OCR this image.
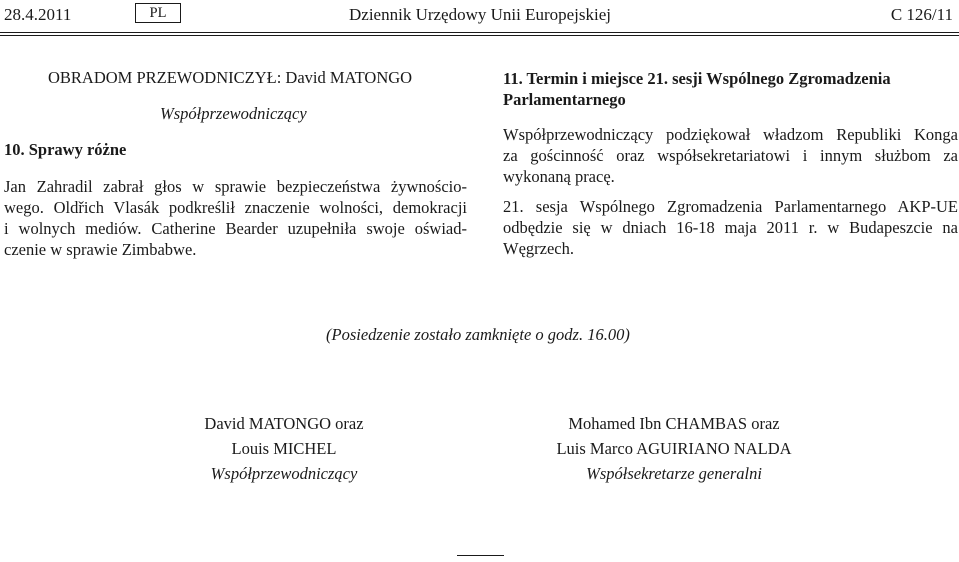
28.4.2011	PL	Dziennik Urzędowy Unii Europejskiej	C 126/11
OBRADOM PRZEWODNICZYŁ: David MATONGO
Współprzewodniczący
10. Sprawy różne
Jan Zahradil zabrał głos w sprawie bezpieczeństwa żywnościo-
wego. Oldřich Vlasák podkreślił znaczenie wolności, demokracji
i wolnych mediów. Catherine Bearder uzupełniła swoje oświad-
czenie w sprawie Zimbabwe.
11. Termin i miejsce 21. sesji Wspólnego Zgromadzenia
Parlamentarnego
Współprzewodniczący podziękował władzom Republiki Konga
za gościnność oraz współsekretariatowi i innym służbom za
wykonaną pracę.
21. sesja Wspólnego Zgromadzenia Parlamentarnego AKP-UE
odbędzie się w dniach 16-18 maja 2011 r. w Budapeszcie na
Węgrzech.
(Posiedzenie zostało zamknięte o godz. 16.00)
David MATONGO oraz
Louis MICHEL
Współprzewodniczący
Mohamed Ibn CHAMBAS oraz
Luis Marco AGUIRIANO NALDA
Współsekretarze generalni
